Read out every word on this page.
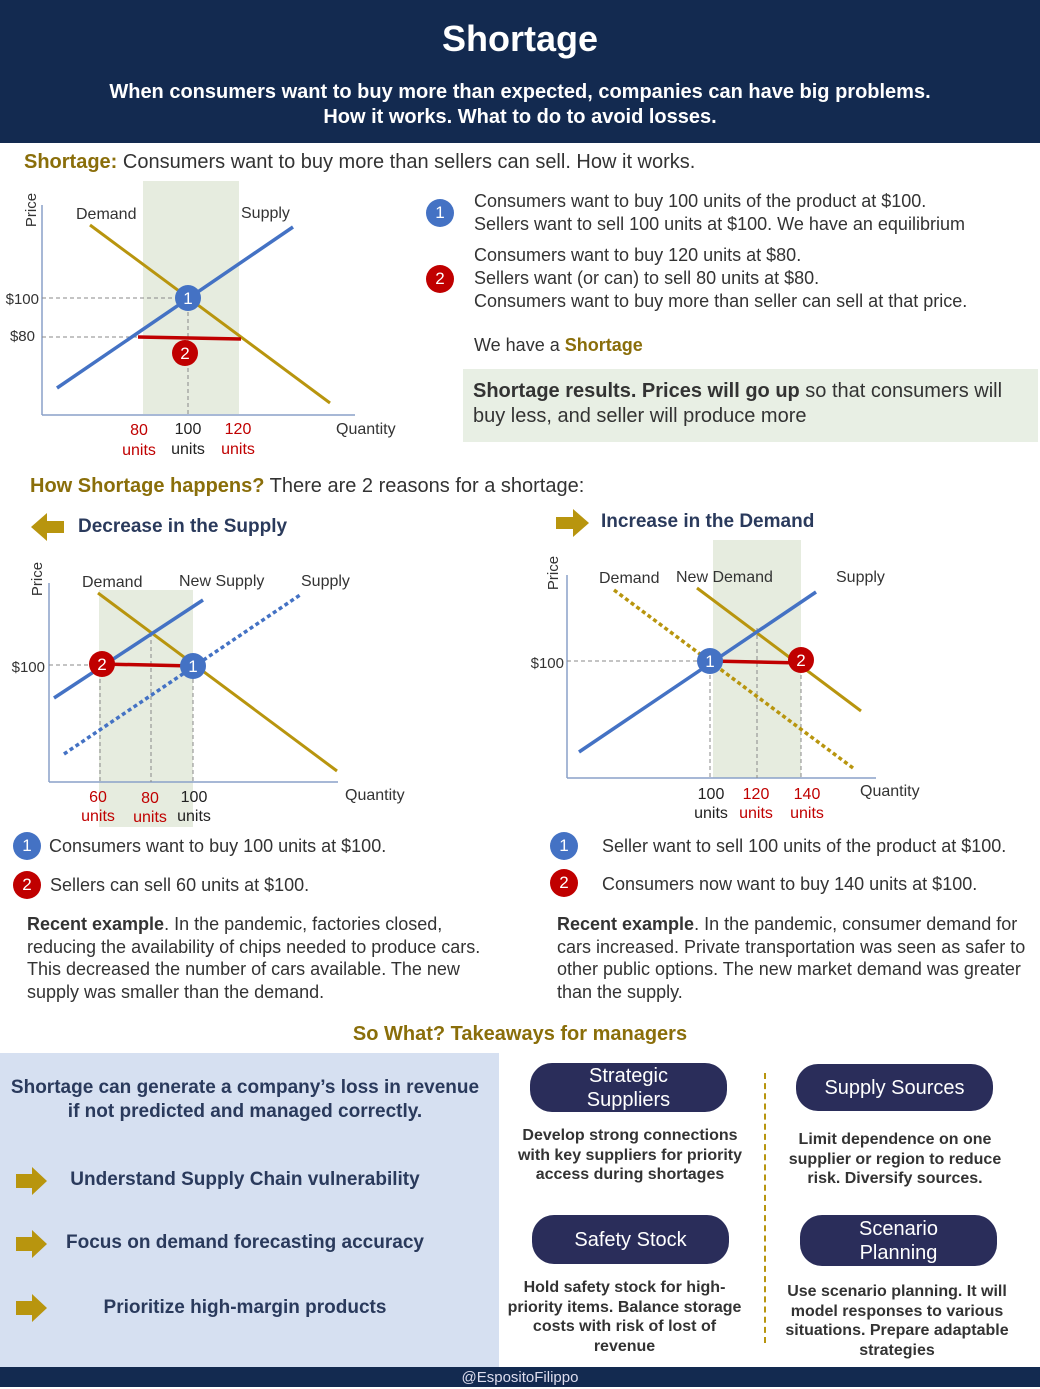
Shortage
When consumers want to buy more than expected, companies can have big problems.
How it works. What to do to avoid losses.
Shortage: Consumers want to buy more than sellers can sell. How it works.
1
2
Price Demand	Supply
$100
$80
Quantity
80
units
100
units
120
units
1
Consumers want to buy 100 units of the product at $100.
Sellers want to sell 100 units at $100. We have an equilibrium
2
Consumers want to buy 120 units at $80.
Sellers want (or can) to sell 80 units at $80.
Consumers want to buy more than seller can sell at that price.
We have a Shortage

Shortage results. Prices will go up so that consumers will buy less, and seller will produce more

How Shortage happens? There are 2 reasons for a shortage:
Decrease in the Supply	Increase in the Demand
1
2
Price Demand New Supply Supply
$100
Quantity
60
units
80
units
100
units
1	2
Price Demand New Demand	Supply
$100
Quantity
100
units
120
units
140
units
1 Consumers want to buy 100 units at $100.
2	Sellers can sell 60 units at $100.
1	Seller want to sell 100 units of the product at $100.
2	Consumers now want to buy 140 units at $100.
Recent example. In the pandemic, factories closed, reducing the availability of chips needed to produce cars. This decreased the number of cars available. The new supply was smaller than the demand.
Recent example. In the pandemic, consumer demand for cars increased. Private transportation was seen as safer to other public options. The new market demand was greater than the supply.
So What? Takeaways for managers
Shortage can generate a company’s loss in revenue if not predicted and managed correctly.
Understand Supply Chain vulnerability
Focus on demand forecasting accuracy
Prioritize high-margin products
Strategic Suppliers
Develop strong connections with key suppliers for priority access during shortages
Supply Sources
Limit dependence on one supplier or region to reduce risk. Diversify sources.
Safety Stock
Hold safety stock for high-priority items. Balance storage costs with risk of lost of revenue
Scenario Planning
Use scenario planning. It will model responses to various situations. Prepare adaptable strategies
@EspositoFilippo
